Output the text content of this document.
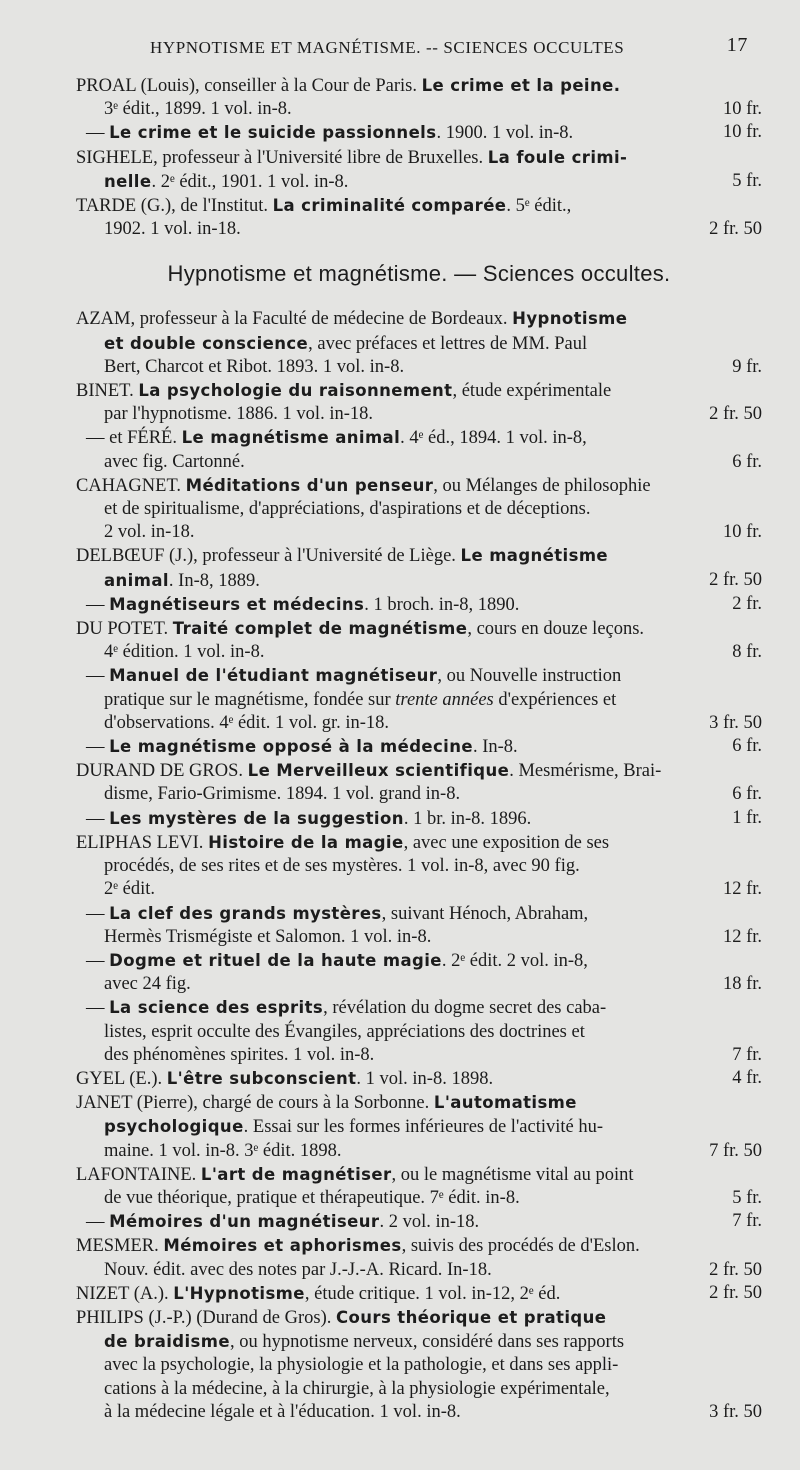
HYPNOTISME ET MAGNÉTISME. -- SCIENCES OCCULTES	17
PROAL (Louis), conseiller à la Cour de Paris. Le crime et la peine.
3ᵉ édit., 1899. 1 vol. in-8.	10 fr.
— Le crime et le suicide passionnels. 1900. 1 vol. in-8.	10 fr.
SIGHELE, professeur à l'Université libre de Bruxelles. La foule crimi-
nelle. 2ᵉ édit., 1901. 1 vol. in-8.	5 fr.
TARDE (G.), de l'Institut. La criminalité comparée. 5ᵉ édit.,
1902. 1 vol. in-18.	2 fr. 50
Hypnotisme et magnétisme. — Sciences occultes.
AZAM, professeur à la Faculté de médecine de Bordeaux. Hypnotisme
et double conscience, avec préfaces et lettres de MM. Paul
Bert, Charcot et Ribot. 1893. 1 vol. in-8.	9 fr.
BINET. La psychologie du raisonnement, étude expérimentale
par l'hypnotisme. 1886. 1 vol. in-18.	2 fr. 50
— et FÉRÉ. Le magnétisme animal. 4ᵉ éd., 1894. 1 vol. in-8,
avec fig. Cartonné.	6 fr.
CAHAGNET. Méditations d'un penseur, ou Mélanges de philosophie
et de spiritualisme, d'appréciations, d'aspirations et de déceptions.
2 vol. in-18.	10 fr.
DELBŒUF (J.), professeur à l'Université de Liège. Le magnétisme
animal. In-8, 1889.	2 fr. 50
— Magnétiseurs et médecins. 1 broch. in-8, 1890.	2 fr.
DU POTET. Traité complet de magnétisme, cours en douze leçons.
4ᵉ édition. 1 vol. in-8.	8 fr.
— Manuel de l'étudiant magnétiseur, ou Nouvelle instruction
pratique sur le magnétisme, fondée sur trente années d'expériences et
d'observations. 4ᵉ édit. 1 vol. gr. in-18.	3 fr. 50
— Le magnétisme opposé à la médecine. In-8.	6 fr.
DURAND DE GROS. Le Merveilleux scientifique. Mesmérisme, Brai-
disme, Fario-Grimisme. 1894. 1 vol. grand in-8.	6 fr.
— Les mystères de la suggestion. 1 br. in-8. 1896.	1 fr.
ELIPHAS LEVI. Histoire de la magie, avec une exposition de ses
procédés, de ses rites et de ses mystères. 1 vol. in-8, avec 90 fig.
2ᵉ édit.	12 fr.
— La clef des grands mystères, suivant Hénoch, Abraham,
Hermès Trismégiste et Salomon. 1 vol. in-8.	12 fr.
— Dogme et rituel de la haute magie. 2ᵉ édit. 2 vol. in-8,
avec 24 fig.	18 fr.
— La science des esprits, révélation du dogme secret des caba-
listes, esprit occulte des Évangiles, appréciations des doctrines et
des phénomènes spirites. 1 vol. in-8.	7 fr.
GYEL (E.). L'être subconscient. 1 vol. in-8. 1898.	4 fr.
JANET (Pierre), chargé de cours à la Sorbonne. L'automatisme
psychologique. Essai sur les formes inférieures de l'activité hu-
maine. 1 vol. in-8. 3ᵉ édit. 1898.	7 fr. 50
LAFONTAINE. L'art de magnétiser, ou le magnétisme vital au point
de vue théorique, pratique et thérapeutique. 7ᵉ édit. in-8.	5 fr.
— Mémoires d'un magnétiseur. 2 vol. in-18.	7 fr.
MESMER. Mémoires et aphorismes, suivis des procédés de d'Eslon.
Nouv. édit. avec des notes par J.-J.-A. Ricard. In-18.	2 fr. 50
NIZET (A.). L'Hypnotisme, étude critique. 1 vol. in-12, 2ᵉ éd.	2 fr. 50
PHILIPS (J.-P.) (Durand de Gros). Cours théorique et pratique
de braidisme, ou hypnotisme nerveux, considéré dans ses rapports
avec la psychologie, la physiologie et la pathologie, et dans ses appli-
cations à la médecine, à la chirurgie, à la physiologie expérimentale,
à la médecine légale et à l'éducation. 1 vol. in-8.	3 fr. 50
